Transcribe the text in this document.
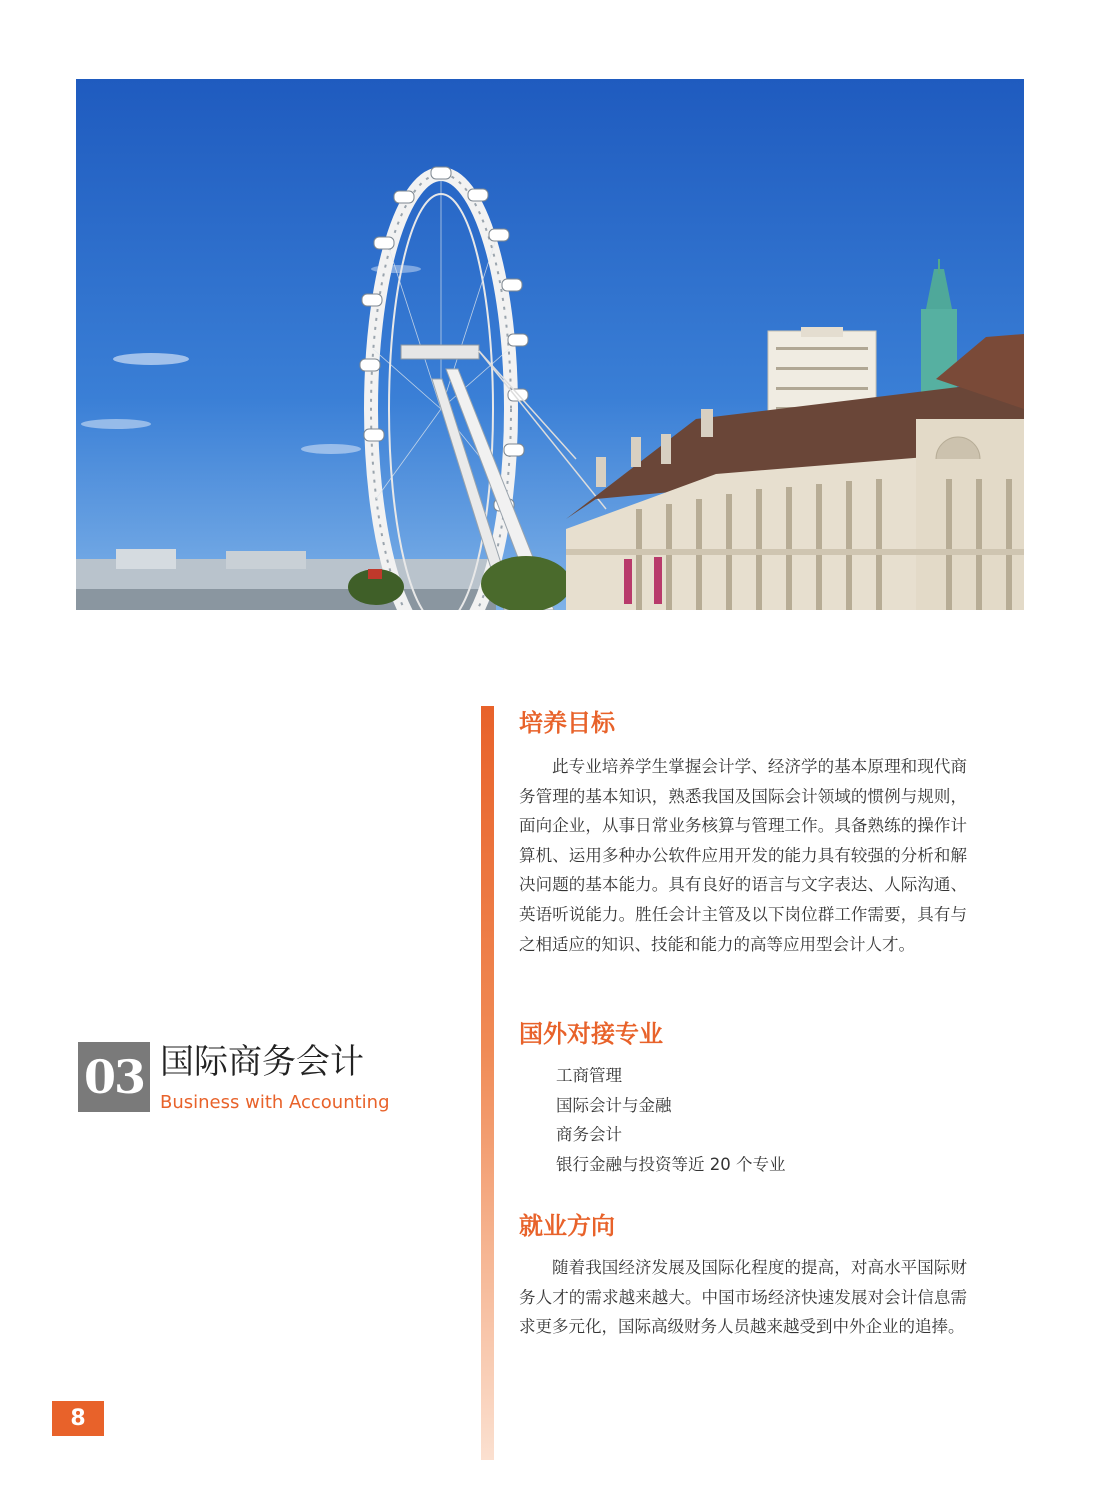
03 国际商务会计
Business with Accounting
培养目标

此专业培养学生掌握会计学、经济学的基本原理和现代商务管理的基本知识，熟悉我国及国际会计领域的惯例与规则，面向企业，从事日常业务核算与管理工作。具备熟练的操作计算机、运用多种办公软件应用开发的能力具有较强的分析和解决问题的基本能力。具有良好的语言与文字表达、人际沟通、英语听说能力。胜任会计主管及以下岗位群工作需要，具有与之相适应的知识、技能和能力的高等应用型会计人才。

国外对接专业
工商管理
国际会计与金融
商务会计
银行金融与投资等近 20 个专业
就业方向

随着我国经济发展及国际化程度的提高，对高水平国际财务人才的需求越来越大。中国市场经济快速发展对会计信息需求更多元化，国际高级财务人员越来越受到中外企业的追捧。

8
